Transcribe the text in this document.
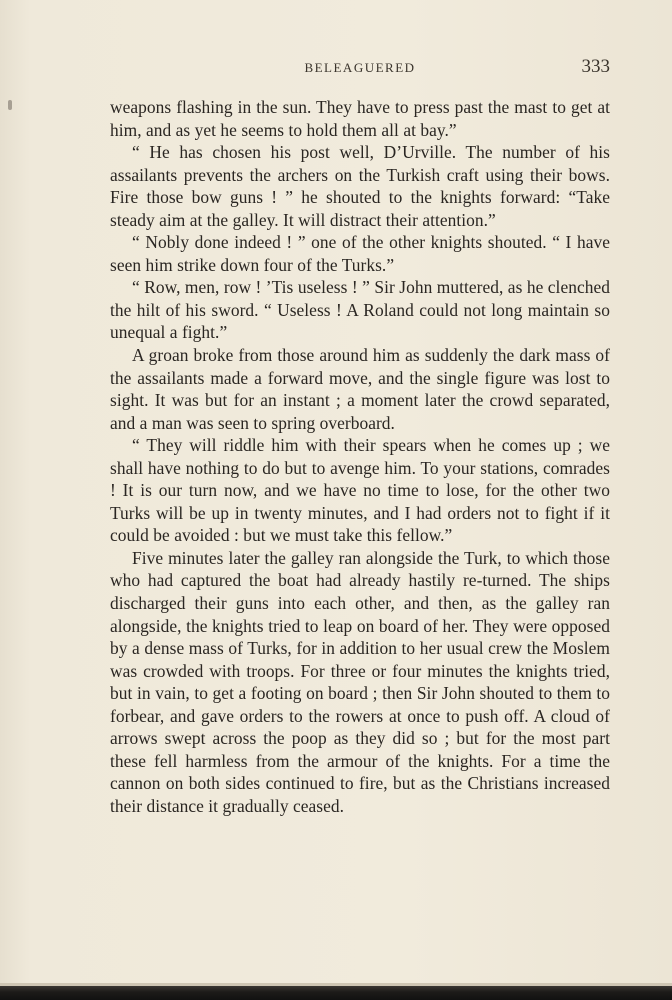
BELEAGUERED	333

weapons flashing in the sun. They have to press past the mast to get at him, and as yet he seems to hold them all at bay.”

“ He has chosen his post well, D’Urville. The number of his assailants prevents the archers on the Turkish craft using their bows. Fire those bow guns ! ” he shouted to the knights forward: “Take steady aim at the galley. It will distract their attention.”

“ Nobly done indeed ! ” one of the other knights shouted. “ I have seen him strike down four of the Turks.”

“ Row, men, row ! ’Tis useless ! ” Sir John muttered, as he clenched the hilt of his sword. “ Useless ! A Roland could not long maintain so unequal a fight.”

A groan broke from those around him as suddenly the dark mass of the assailants made a forward move, and the single figure was lost to sight. It was but for an instant ; a moment later the crowd separated, and a man was seen to spring overboard.

“ They will riddle him with their spears when he comes up ; we shall have nothing to do but to avenge him. To your stations, comrades ! It is our turn now, and we have no time to lose, for the other two Turks will be up in twenty minutes, and I had orders not to fight if it could be avoided : but we must take this fellow.”

Five minutes later the galley ran alongside the Turk, to which those who had captured the boat had already hastily re-turned. The ships discharged their guns into each other, and then, as the galley ran alongside, the knights tried to leap on board of her. They were opposed by a dense mass of Turks, for in addition to her usual crew the Moslem was crowded with troops. For three or four minutes the knights tried, but in vain, to get a footing on board ; then Sir John shouted to them to forbear, and gave orders to the rowers at once to push off. A cloud of arrows swept across the poop as they did so ; but for the most part these fell harmless from the armour of the knights. For a time the cannon on both sides continued to fire, but as the Christians increased their distance it gradually ceased.
